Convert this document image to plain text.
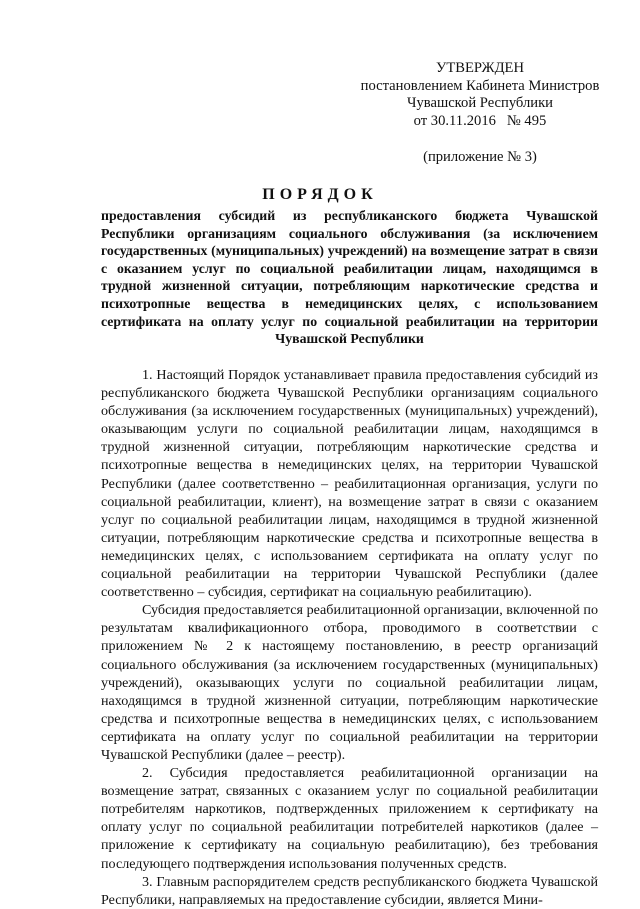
УТВЕРЖДЕН
постановлением Кабинета Министров
Чувашской Республики
от 30.11.2016   № 495
(приложение № 3)
ПОРЯДОК
предоставления субсидий из республиканского бюджета Чувашской Республики организациям социального обслуживания (за исключением государственных (муниципальных) учреждений) на возмещение затрат в связи с оказанием услуг по социальной реабилитации лицам, находящимся в трудной жизненной ситуации, потребляющим наркотические средства и психотропные вещества в немедицинских целях, с использованием сертификата на оплату услуг по социальной реабилитации на территории Чувашской Республики

1. Настоящий Порядок устанавливает правила предоставления субсидий из республиканского бюджета Чувашской Республики организациям социального обслуживания (за исключением государственных (муниципальных) учреждений), оказывающим услуги по социальной реабилитации лицам, находящимся в трудной жизненной ситуации, потребляющим наркотические средства и психотропные вещества в немедицинских целях, на территории Чувашской Республики (далее соответственно – реабилитационная организация, услуги по социальной реабилитации, клиент), на возмещение затрат в связи с оказанием услуг по социальной реабилитации лицам, находящимся в трудной жизненной ситуации, потребляющим наркотические средства и психотропные вещества в немедицинских целях, с использованием сертификата на оплату услуг по социальной реабилитации на территории Чувашской Республики (далее соответственно – субсидия, сертификат на социальную реабилитацию).

Субсидия предоставляется реабилитационной организации, включенной по результатам квалификационного отбора, проводимого в соответствии с приложением № 2 к настоящему постановлению, в реестр организаций социального обслуживания (за исключением государственных (муниципальных) учреждений), оказывающих услуги по социальной реабилитации лицам, находящимся в трудной жизненной ситуации, потребляющим наркотические средства и психотропные вещества в немедицинских целях, с использованием сертификата на оплату услуг по социальной реабилитации на территории Чувашской Республики (далее – реестр).

2. Субсидия предоставляется реабилитационной организации на возмещение затрат, связанных с оказанием услуг по социальной реабилитации потребителям наркотиков, подтвержденных приложением к сертификату на оплату услуг по социальной реабилитации потребителей наркотиков (далее – приложение к сертификату на социальную реабилитацию), без требования последующего подтверждения использования полученных средств.

3. Главным распорядителем средств республиканского бюджета Чувашской Республики, направляемых на предоставление субсидии, является Мини-
